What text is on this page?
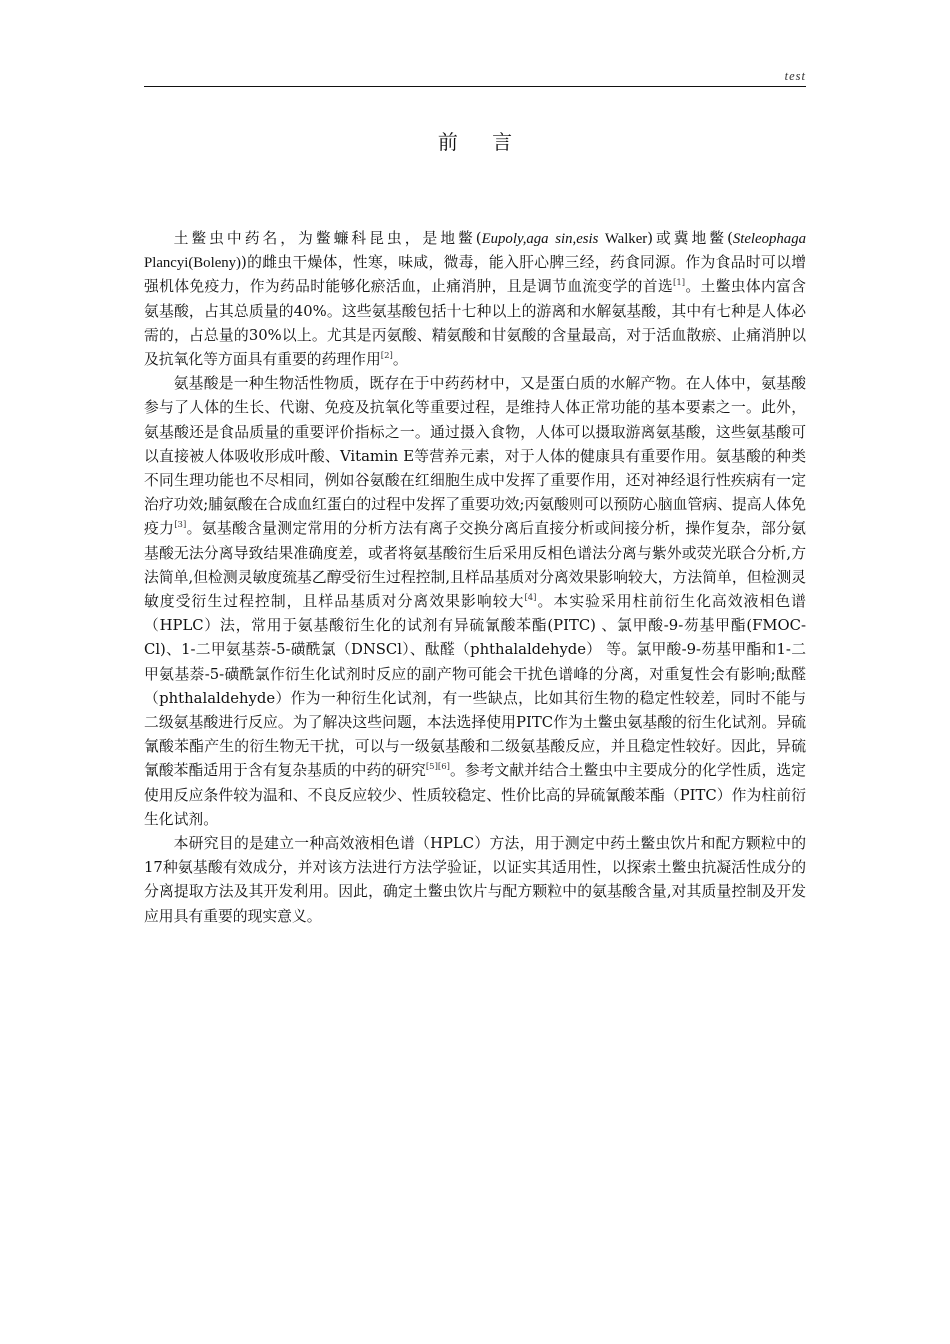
test
前 言

土鳖虫中药名，为鳖蠊科昆虫，是地鳖(Eupoly,aga sin,esis Walker)或冀地鳖(Steleophaga Plancyi(Boleny))的雌虫干燥体，性寒，味咸，微毒，能入肝心脾三经，药食同源。作为食品时可以增强机体免疫力，作为药品时能够化瘀活血，止痛消肿，且是调节血流变学的首选[1]。土鳖虫体内富含氨基酸，占其总质量的40%。这些氨基酸包括十七种以上的游离和水解氨基酸，其中有七种是人体必需的，占总量的30%以上。尤其是丙氨酸、精氨酸和甘氨酸的含量最高，对于活血散瘀、止痛消肿以及抗氧化等方面具有重要的药理作用[2]。

氨基酸是一种生物活性物质，既存在于中药药材中，又是蛋白质的水解产物。在人体中，氨基酸参与了人体的生长、代谢、免疫及抗氧化等重要过程，是维持人体正常功能的基本要素之一。此外，氨基酸还是食品质量的重要评价指标之一。通过摄入食物，人体可以摄取游离氨基酸，这些氨基酸可以直接被人体吸收形成叶酸、Vitamin E等营养元素，对于人体的健康具有重要作用。氨基酸的种类不同生理功能也不尽相同，例如谷氨酸在红细胞生成中发挥了重要作用，还对神经退行性疾病有一定治疗功效;脯氨酸在合成血红蛋白的过程中发挥了重要功效;丙氨酸则可以预防心脑血管病、提高人体免疫力[3]。氨基酸含量测定常用的分析方法有离子交换分离后直接分析或间接分析，操作复杂，部分氨基酸无法分离导致结果准确度差，或者将氨基酸衍生后采用反相色谱法分离与紫外或荧光联合分析,方法简单,但检测灵敏度巯基乙醇受衍生过程控制,且样品基质对分离效果影响较大，方法简单，但检测灵敏度受衍生过程控制，且样品基质对分离效果影响较大[4]。本实验采用柱前衍生化高效液相色谱（HPLC）法，常用于氨基酸衍生化的试剂有异硫氰酸苯酯(PITC) 、氯甲酸-9-芴基甲酯(FMOC-Cl)、1-二甲氨基萘-5-磺酰氯（DNSCl）、酞醛（phthalaldehyde） 等。氯甲酸-9-芴基甲酯和1-二甲氨基萘-5-磺酰氯作衍生化试剂时反应的副产物可能会干扰色谱峰的分离，对重复性会有影响;酞醛（phthalaldehyde）作为一种衍生化试剂，有一些缺点，比如其衍生物的稳定性较差，同时不能与二级氨基酸进行反应。为了解决这些问题，本法选择使用PITC作为土鳖虫氨基酸的衍生化试剂。异硫氰酸苯酯产生的衍生物无干扰，可以与一级氨基酸和二级氨基酸反应，并且稳定性较好。因此，异硫氰酸苯酯适用于含有复杂基质的中药的研究[5][6]。参考文献并结合土鳖虫中主要成分的化学性质，选定使用反应条件较为温和、不良反应较少、性质较稳定、性价比高的异硫氰酸苯酯（PITC）作为柱前衍生化试剂。

本研究目的是建立一种高效液相色谱（HPLC）方法，用于测定中药土鳖虫饮片和配方颗粒中的17种氨基酸有效成分，并对该方法进行方法学验证，以证实其适用性，以探索土鳖虫抗凝活性成分的分离提取方法及其开发利用。因此，确定土鳖虫饮片与配方颗粒中的氨基酸含量,对其质量控制及开发应用具有重要的现实意义。
